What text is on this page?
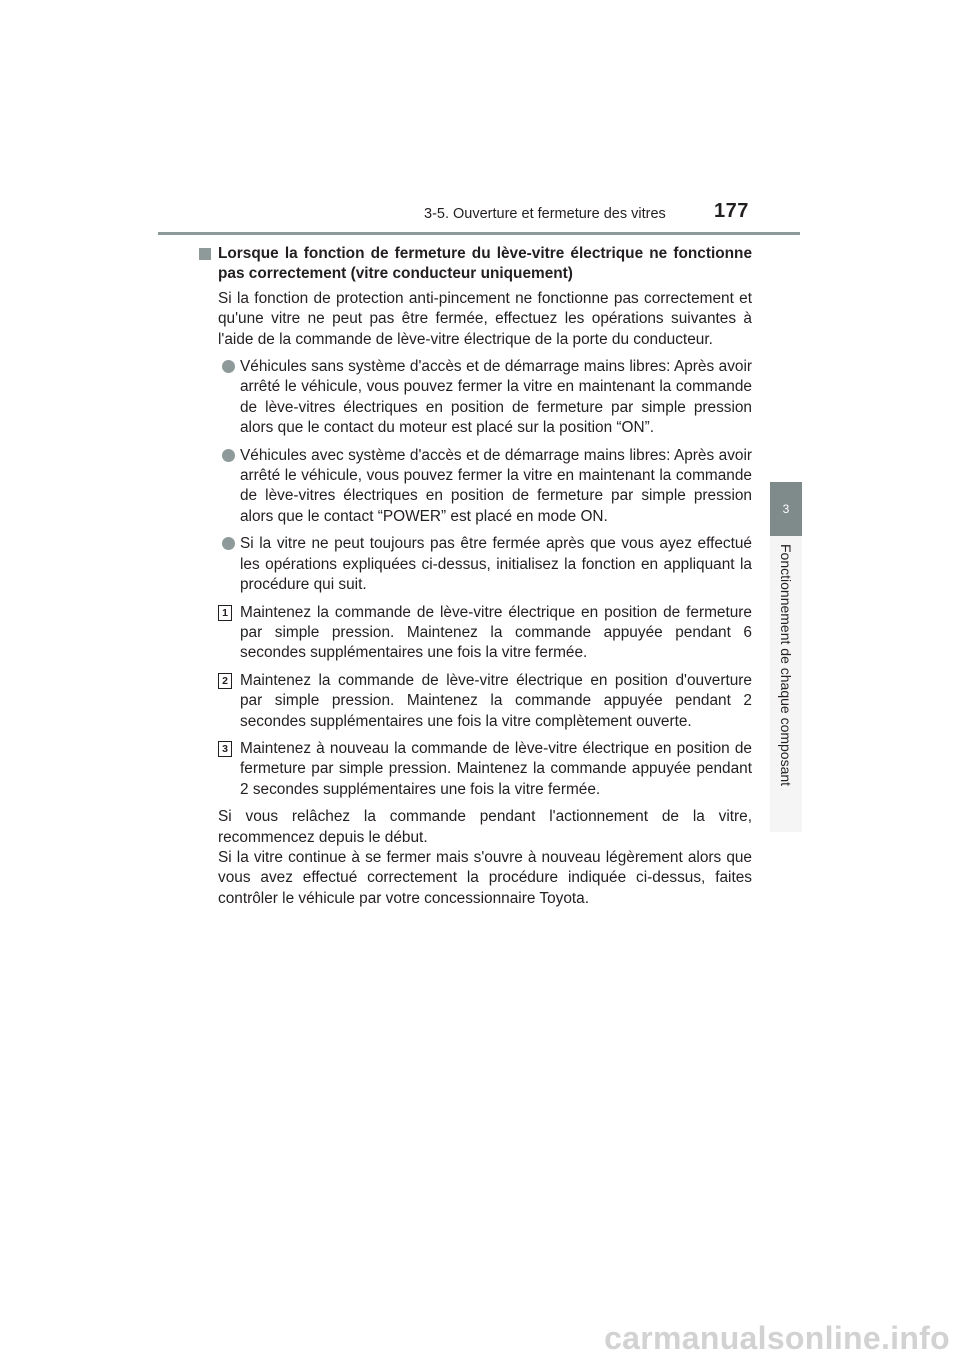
3-5. Ouverture et fermeture des vitres 177
3
Fonctionnement de chaque composant
Lorsque la fonction de fermeture du lève-vitre électrique ne fonctionne pas correctement (vitre conducteur uniquement)

Si la fonction de protection anti-pincement ne fonctionne pas correctement et qu'une vitre ne peut pas être fermée, effectuez les opérations suivantes à l'aide de la commande de lève-vitre électrique de la porte du conducteur.

Véhicules sans système d'accès et de démarrage mains libres: Après avoir arrêté le véhicule, vous pouvez fermer la vitre en maintenant la commande de lève-vitres électriques en position de fermeture par simple pression alors que le contact du moteur est placé sur la position “ON”.
Véhicules avec système d'accès et de démarrage mains libres: Après avoir arrêté le véhicule, vous pouvez fermer la vitre en maintenant la commande de lève-vitres électriques en position de fermeture par simple pression alors que le contact “POWER” est placé en mode ON.
Si la vitre ne peut toujours pas être fermée après que vous ayez effectué les opérations expliquées ci-dessus, initialisez la fonction en appliquant la procédure qui suit.
1 Maintenez la commande de lève-vitre électrique en position de fermeture par simple pression. Maintenez la commande appuyée pendant 6 secondes supplémentaires une fois la vitre fermée.
2 Maintenez la commande de lève-vitre électrique en position d'ouverture par simple pression. Maintenez la commande appuyée pendant 2 secondes supplémentaires une fois la vitre complètement ouverte.
3 Maintenez à nouveau la commande de lève-vitre électrique en position de fermeture par simple pression. Maintenez la commande appuyée pendant 2 secondes supplémentaires une fois la vitre fermée.

Si vous relâchez la commande pendant l'actionnement de la vitre, recommencez depuis le début.

Si la vitre continue à se fermer mais s'ouvre à nouveau légèrement alors que vous avez effectué correctement la procédure indiquée ci-dessus, faites contrôler le véhicule par votre concessionnaire Toyota.

carmanualsonline.info
